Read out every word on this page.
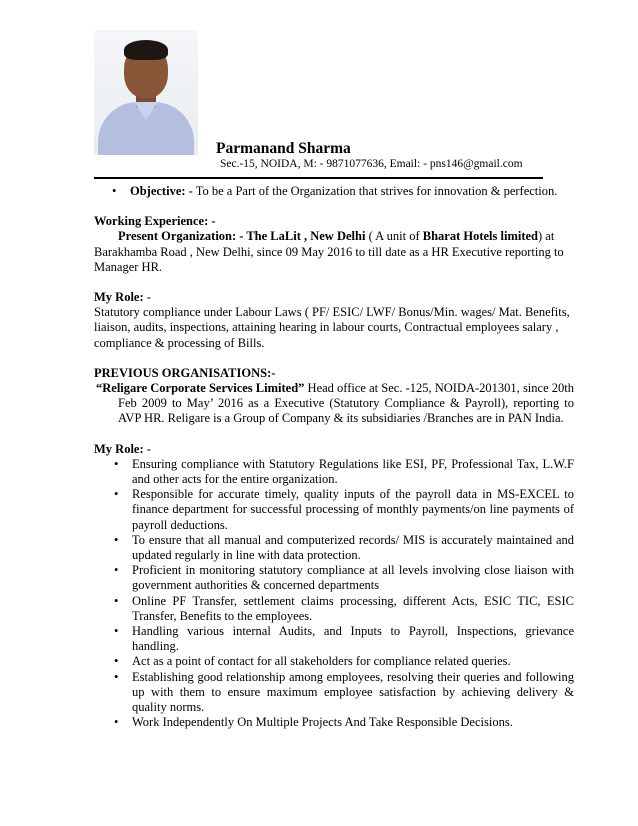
Parmanand Sharma
Sec.-15, NOIDA, M: - 9871077636, Email: - pns146@gmail.com
•	Objective: - To be a Part of the Organization that strives for innovation & perfection.

Working Experience: -

Present Organization: - The LaLit , New Delhi ( A unit of Bharat Hotels limited) at Barakhamba Road , New Delhi, since 09 May 2016 to till date as a HR Executive reporting to Manager HR.

My Role: -

Statutory compliance under Labour Laws ( PF/ ESIC/ LWF/ Bonus/Min. wages/ Mat. Benefits, liaison, audits, inspections, attaining hearing in labour courts, Contractual employees salary , compliance & processing of Bills.

PREVIOUS ORGANISATIONS:-

“Religare Corporate Services Limited” Head office at Sec. -125, NOIDA-201301, since 20th Feb 2009 to May’ 2016 as a Executive (Statutory Compliance & Payroll), reporting to AVP HR. Religare is a Group of Company & its subsidiaries /Branches are in PAN India.

My Role: -

•	Ensuring compliance with Statutory Regulations like ESI, PF, Professional Tax, L.W.F and other acts for the entire organization.
•	Responsible for accurate timely, quality inputs of the payroll data in MS-EXCEL to finance department for successful processing of monthly payments/on line payments of payroll deductions.
•	To ensure that all manual and computerized records/ MIS is accurately maintained and updated regularly in line with data protection.
•	Proficient in monitoring statutory compliance at all levels involving close liaison with government authorities & concerned departments
•	Online PF Transfer, settlement claims processing, different Acts, ESIC TIC, ESIC Transfer, Benefits to the employees.
•	Handling various internal Audits, and Inputs to Payroll, Inspections, grievance handling.
•	Act as a point of contact for all stakeholders for compliance related queries.
•	Establishing good relationship among employees, resolving their queries and following up with them to ensure maximum employee satisfaction by achieving delivery & quality norms.
•	Work Independently On Multiple Projects And Take Responsible Decisions.
